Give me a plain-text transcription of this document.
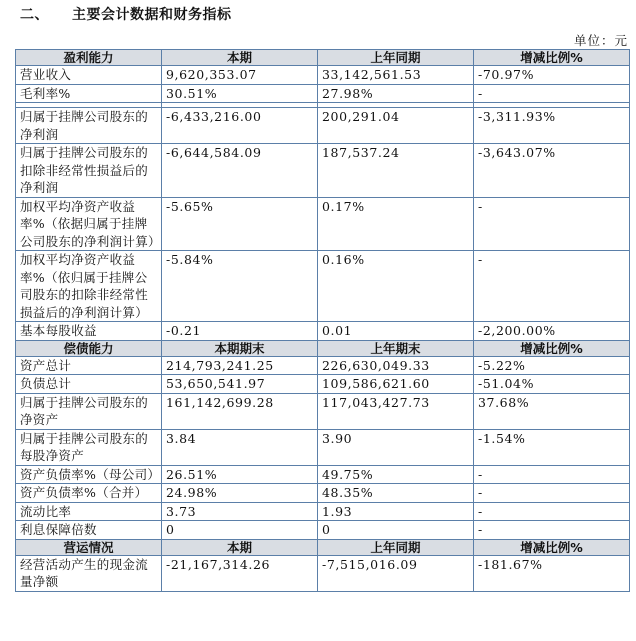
二、 主要会计数据和财务指标
单位：元
盈利能力	本期	上年同期	增减比例%
营业收入	9,620,353.07	33,142,561.53	-70.97%
毛利率%	30.51%	27.98%	-

归属于挂牌公司股东的净利润	-6,433,216.00	200,291.04	-3,311.93%
归属于挂牌公司股东的扣除非经常性损益后的净利润	-6,644,584.09	187,537.24	-3,643.07%
加权平均净资产收益率%（依据归属于挂牌公司股东的净利润计算）	-5.65%	0.17%	-
加权平均净资产收益率%（依归属于挂牌公司股东的扣除非经常性损益后的净利润计算）	-5.84%	0.16%	-
基本每股收益	-0.21	0.01	-2,200.00%
偿债能力	本期期末	上年期末	增减比例%
资产总计	214,793,241.25	226,630,049.33	-5.22%
负债总计	53,650,541.97	109,586,621.60	-51.04%
归属于挂牌公司股东的净资产	161,142,699.28	117,043,427.73	37.68%
归属于挂牌公司股东的每股净资产	3.84	3.90	-1.54%
资产负债率%（母公司）	26.51%	49.75%	-
资产负债率%（合并）	24.98%	48.35%	-
流动比率	3.73	1.93	-
利息保障倍数	0	0	-
营运情况	本期	上年同期	增减比例%
经营活动产生的现金流量净额	-21,167,314.26	-7,515,016.09	-181.67%
